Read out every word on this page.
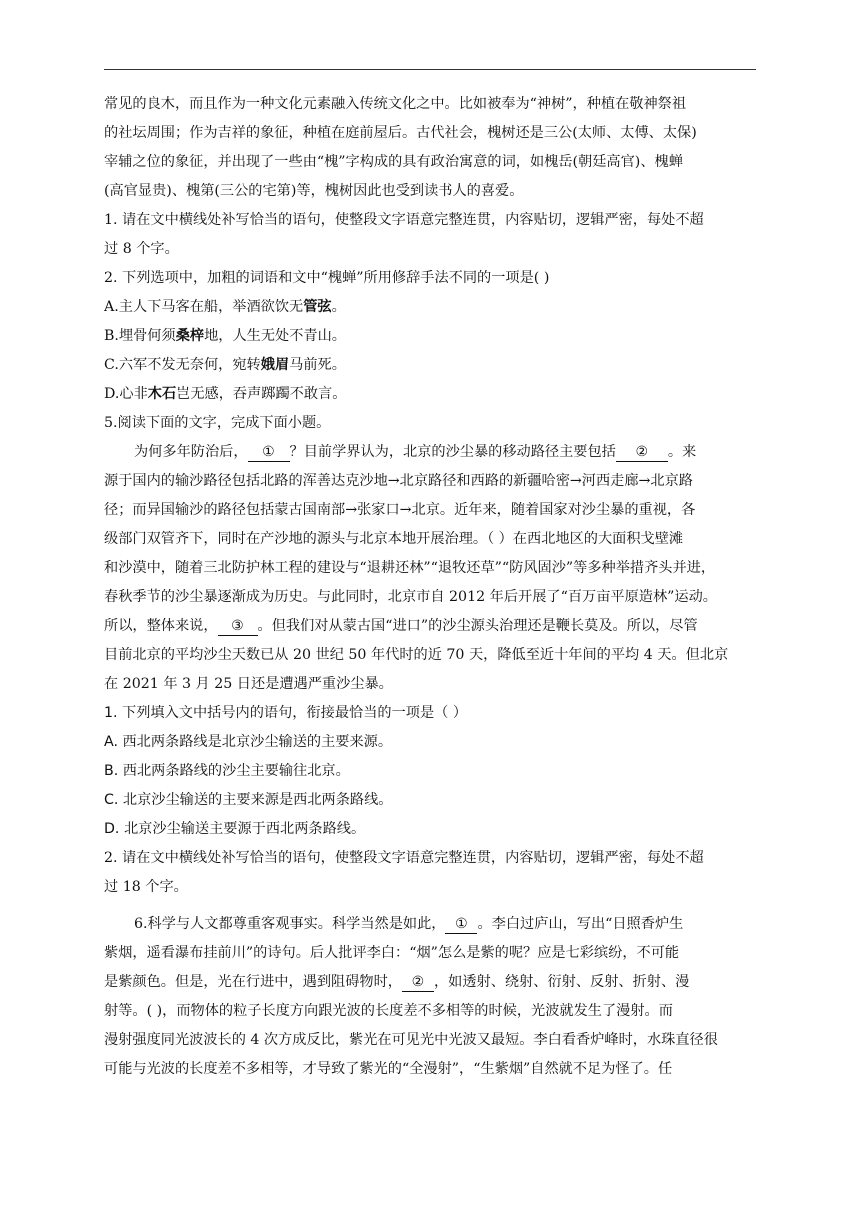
常见的良木，而且作为一种文化元素融入传统文化之中。比如被奉为“神树”，种植在敬神祭祖
的社坛周围；作为吉祥的象征，种植在庭前屋后。古代社会，槐树还是三公(太师、太傅、太保)
宰辅之位的象征，并出现了一些由“槐”字构成的具有政治寓意的词，如槐岳(朝廷高官)、槐蝉
(高官显贵)、槐第(三公的宅第)等，槐树因此也受到读书人的喜爱。
1. 请在文中横线处补写恰当的语句，使整段文字语意完整连贯，内容贴切，逻辑严密，每处不超
过 8 个字。
2. 下列选项中，加粗的词语和文中“槐蝉”所用修辞手法不同的一项是( )
A.主人下马客在船，举酒欲饮无管弦。
B.埋骨何须桑梓地，人生无处不青山。
C.六军不发无奈何，宛转娥眉马前死。
D.心非木石岂无感，吞声踯躅不敢言。
5.阅读下面的文字，完成下面小题。
为何多年防治后， ① ？目前学界认为，北京的沙尘暴的移动路径主要包括 ② 。来
源于国内的输沙路径包括北路的浑善达克沙地→北京路径和西路的新疆哈密→河西走廊→北京路
径；而异国输沙的路径包括蒙古国南部→张家口→北京。近年来，随着国家对沙尘暴的重视，各
级部门双管齐下，同时在产沙地的源头与北京本地开展治理。（ ）在西北地区的大面积戈壁滩
和沙漠中，随着三北防护林工程的建设与“退耕还林”“退牧还草”“防风固沙”等多种举措齐头并进，
春秋季节的沙尘暴逐渐成为历史。与此同时，北京市自 2012 年后开展了“百万亩平原造林”运动。
所以，整体来说， ③ 。但我们对从蒙古国“进口”的沙尘源头治理还是鞭长莫及。所以，尽管
目前北京的平均沙尘天数已从 20 世纪 50 年代时的近 70 天，降低至近十年间的平均 4 天。但北京
在 2021 年 3 月 25 日还是遭遇严重沙尘暴。
1. 下列填入文中括号内的语句，衔接最恰当的一项是（ ）
A. 西北两条路线是北京沙尘输送的主要来源。
B. 西北两条路线的沙尘主要输往北京。
C. 北京沙尘输送的主要来源是西北两条路线。
D. 北京沙尘输送主要源于西北两条路线。
2. 请在文中横线处补写恰当的语句，使整段文字语意完整连贯，内容贴切，逻辑严密，每处不超
过 18 个字。
6.科学与人文都尊重客观事实。科学当然是如此， ① 。李白过庐山，写出“日照香炉生
紫烟，遥看瀑布挂前川”的诗句。后人批评李白：“烟”怎么是紫的呢？应是七彩缤纷，不可能
是紫颜色。但是，光在行进中，遇到阻碍物时， ② ，如透射、绕射、衍射、反射、折射、漫
射等。( )，而物体的粒子长度方向跟光波的长度差不多相等的时候，光波就发生了漫射。而
漫射强度同光波波长的 4 次方成反比，紫光在可见光中光波又最短。李白看香炉峰时，水珠直径很
可能与光波的长度差不多相等，才导致了紫光的“全漫射”，“生紫烟”自然就不足为怪了。任
